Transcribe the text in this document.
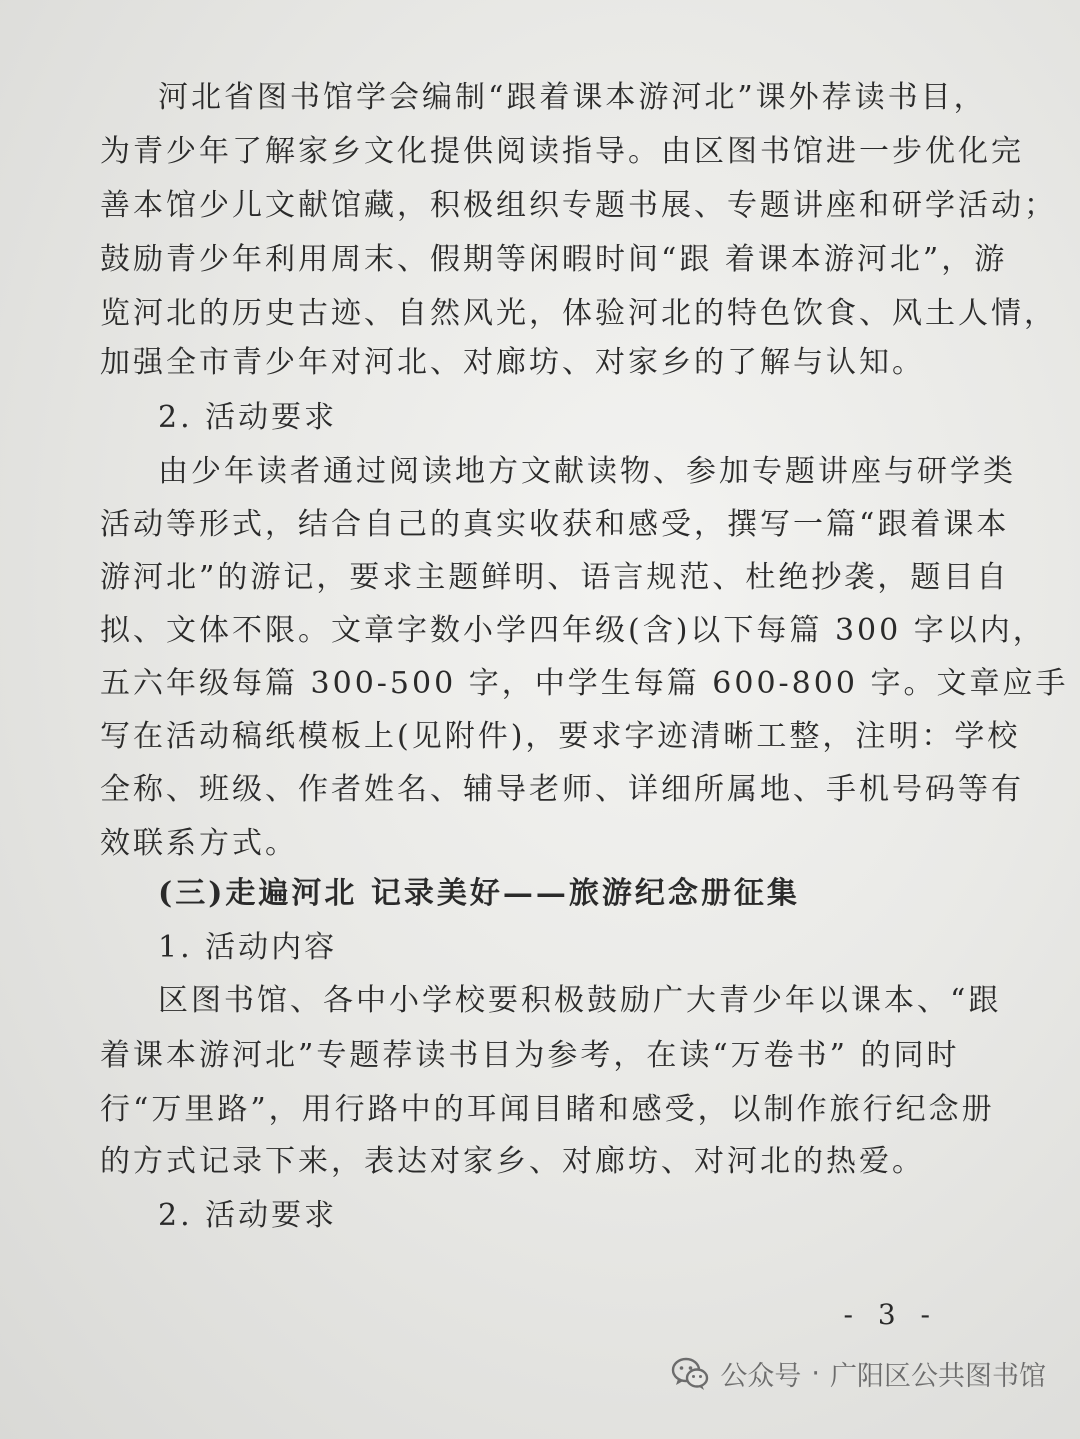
河北省图书馆学会编制“跟着课本游河北”课外荐读书目，
为青少年了解家乡文化提供阅读指导。由区图书馆进一步优化完
善本馆少儿文献馆藏，积极组织专题书展、专题讲座和研学活动；
鼓励青少年利用周末、假期等闲暇时间“跟 着课本游河北”，游
览河北的历史古迹、自然风光，体验河北的特色饮食、风土人情，
加强全市青少年对河北、对廊坊、对家乡的了解与认知。
2. 活动要求
由少年读者通过阅读地方文献读物、参加专题讲座与研学类
活动等形式，结合自己的真实收获和感受，撰写一篇“跟着课本
游河北”的游记，要求主题鲜明、语言规范、杜绝抄袭，题目自
拟、文体不限。文章字数小学四年级(含)以下每篇 300 字以内，
五六年级每篇 300-500 字，中学生每篇 600-800 字。文章应手
写在活动稿纸模板上(见附件)，要求字迹清晰工整，注明：学校
全称、班级、作者姓名、辅导老师、详细所属地、手机号码等有
效联系方式。
(三)走遍河北 记录美好——旅游纪念册征集
1. 活动内容
区图书馆、各中小学校要积极鼓励广大青少年以课本、“跟
着课本游河北”专题荐读书目为参考，在读“万卷书” 的同时
行“万里路”，用行路中的耳闻目睹和感受，以制作旅行纪念册
的方式记录下来，表达对家乡、对廊坊、对河北的热爱。
2. 活动要求
- 3 -
公众号 · 广阳区公共图书馆
